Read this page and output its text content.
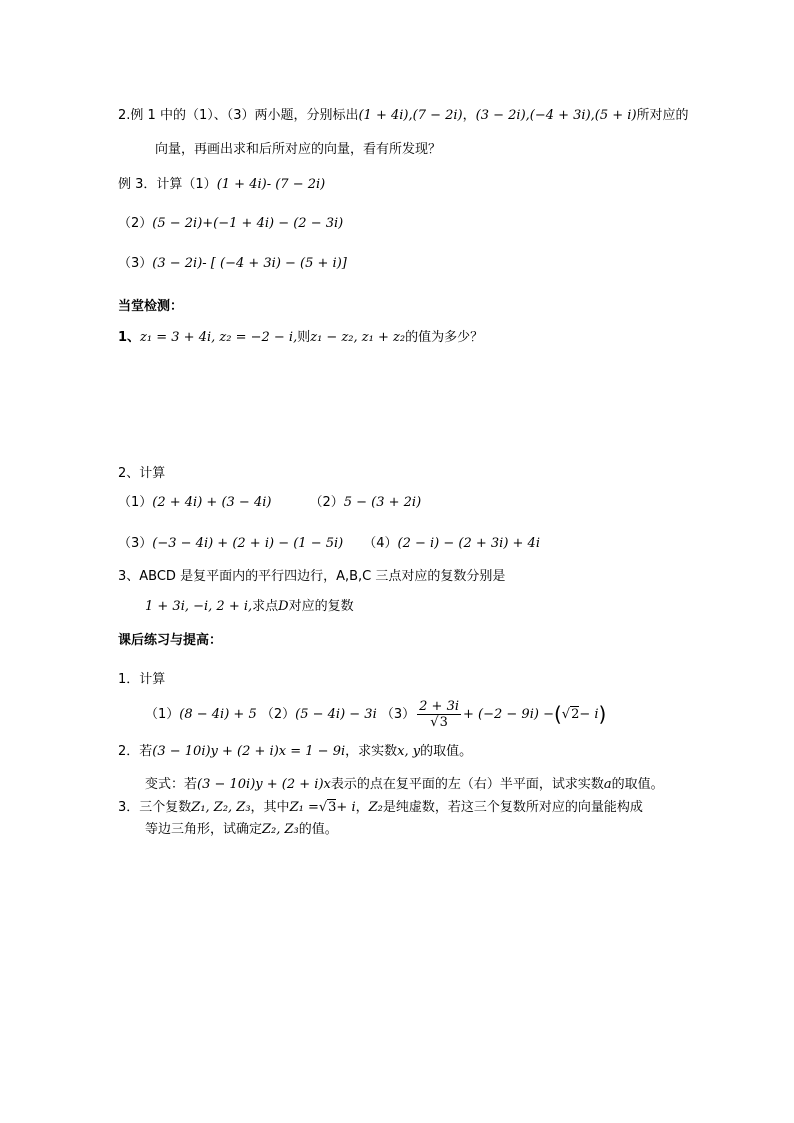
2.例 1 中的（1）、（3）两小题，分别标出(1 + 4i),(7 − 2i)，(3 − 2i),(−4 + 3i),(5 + i)所对应的
向量，再画出求和后所对应的向量，看有所发现？
例 3．计算（1）(1 + 4i)- (7 − 2i)
（2）(5 − 2i)+(−1 + 4i) − (2 − 3i)
（3）(3 − 2i)- [ (−4 + 3i) − (5 + i)]
当堂检测：
1、z₁ = 3 + 4i, z₂ = −2 − i,则z₁ − z₂, z₁ + z₂的值为多少？
2、计算
（1）(2 + 4i) + (3 − 4i)	（2）5 − (3 + 2i)
（3）(−3 − 4i) + (2 + i) − (1 − 5i) （4）(2 − i) − (2 + 3i) + 4i
3、ABCD 是复平面内的平行四边行，A,B,C 三点对应的复数分别是
1 + 3i, −i, 2 + i,求点D对应的复数
课后练习与提高：
1．计算
（1）(8 − 4i) + 5 （2）(5 − 4i) − 3i $(3) \frac{2 + 3i}{√3} + (-2 - 9i) -(√2- i)$
2．若(3 − 10i)y + (2 + i)x = 1 − 9i，求实数x, y的取值。
变式：若(3 − 10i)y + (2 + i)x表示的点在复平面的左（右）半平面，试求实数a的取值。
3．三个复数Z₁, Z₂, Z₃，其中Z₁ =√3+ i，Z₂是纯虚数，若这三个复数所对应的向量能构成
等边三角形，试确定Z₂, Z₃的值。
